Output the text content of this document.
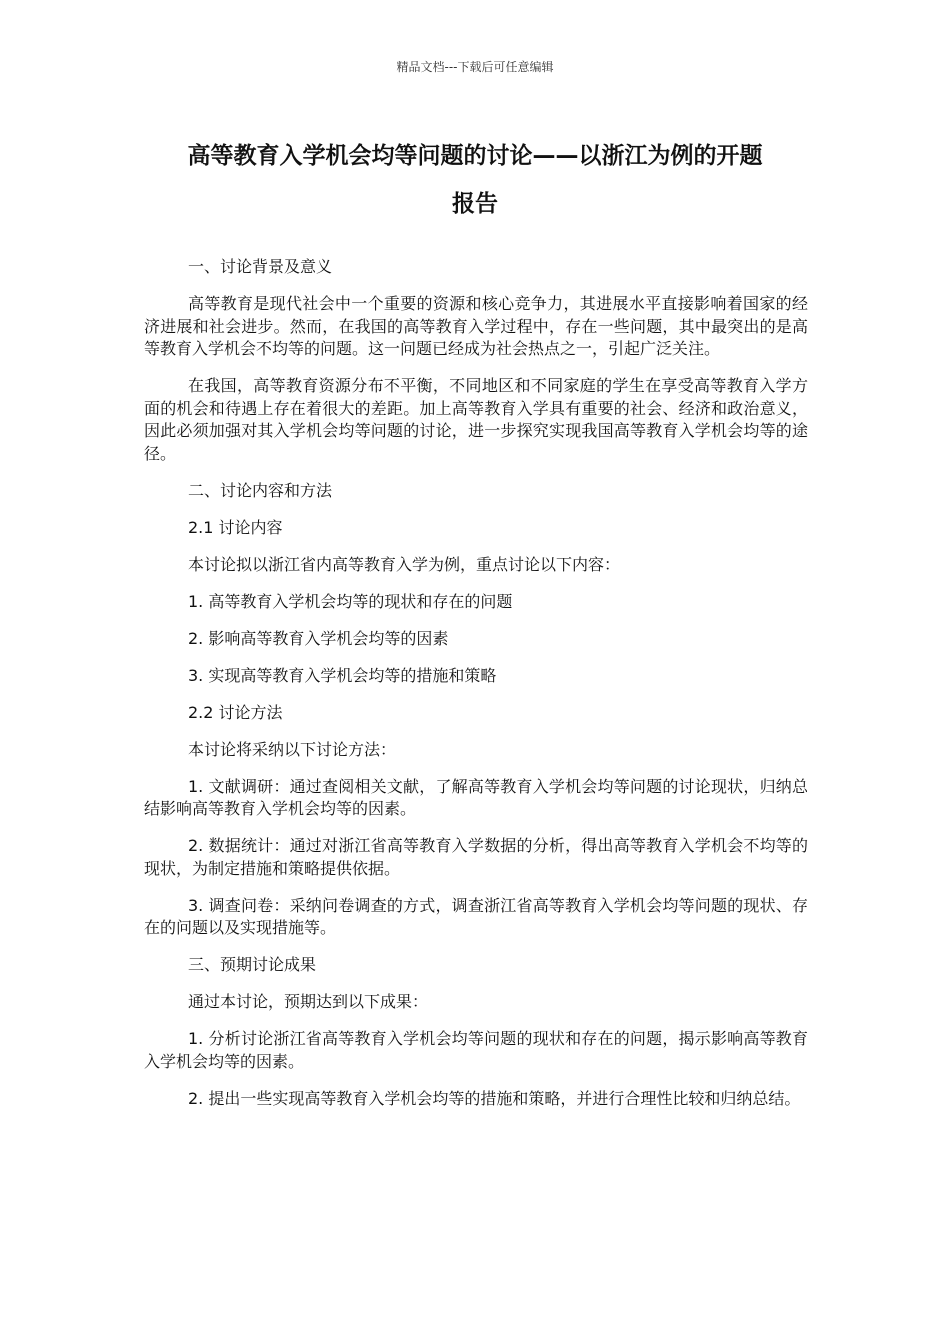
精品文档---下载后可任意编辑
高等教育入学机会均等问题的讨论——以浙江为例的开题
报告

一、讨论背景及意义

高等教育是现代社会中一个重要的资源和核心竞争力，其进展水平直接影响着国家的经济进展和社会进步。然而，在我国的高等教育入学过程中，存在一些问题，其中最突出的是高等教育入学机会不均等的问题。这一问题已经成为社会热点之一，引起广泛关注。

在我国，高等教育资源分布不平衡，不同地区和不同家庭的学生在享受高等教育入学方面的机会和待遇上存在着很大的差距。加上高等教育入学具有重要的社会、经济和政治意义，因此必须加强对其入学机会均等问题的讨论，进一步探究实现我国高等教育入学机会均等的途径。

二、讨论内容和方法

2.1 讨论内容

本讨论拟以浙江省内高等教育入学为例，重点讨论以下内容：

1. 高等教育入学机会均等的现状和存在的问题

2. 影响高等教育入学机会均等的因素

3. 实现高等教育入学机会均等的措施和策略

2.2 讨论方法

本讨论将采纳以下讨论方法：

1. 文献调研：通过查阅相关文献，了解高等教育入学机会均等问题的讨论现状，归纳总结影响高等教育入学机会均等的因素。

2. 数据统计：通过对浙江省高等教育入学数据的分析，得出高等教育入学机会不均等的现状，为制定措施和策略提供依据。

3. 调查问卷：采纳问卷调查的方式，调查浙江省高等教育入学机会均等问题的现状、存在的问题以及实现措施等。

三、预期讨论成果

通过本讨论，预期达到以下成果：

1. 分析讨论浙江省高等教育入学机会均等问题的现状和存在的问题，揭示影响高等教育入学机会均等的因素。

2. 提出一些实现高等教育入学机会均等的措施和策略，并进行合理性比较和归纳总结。
